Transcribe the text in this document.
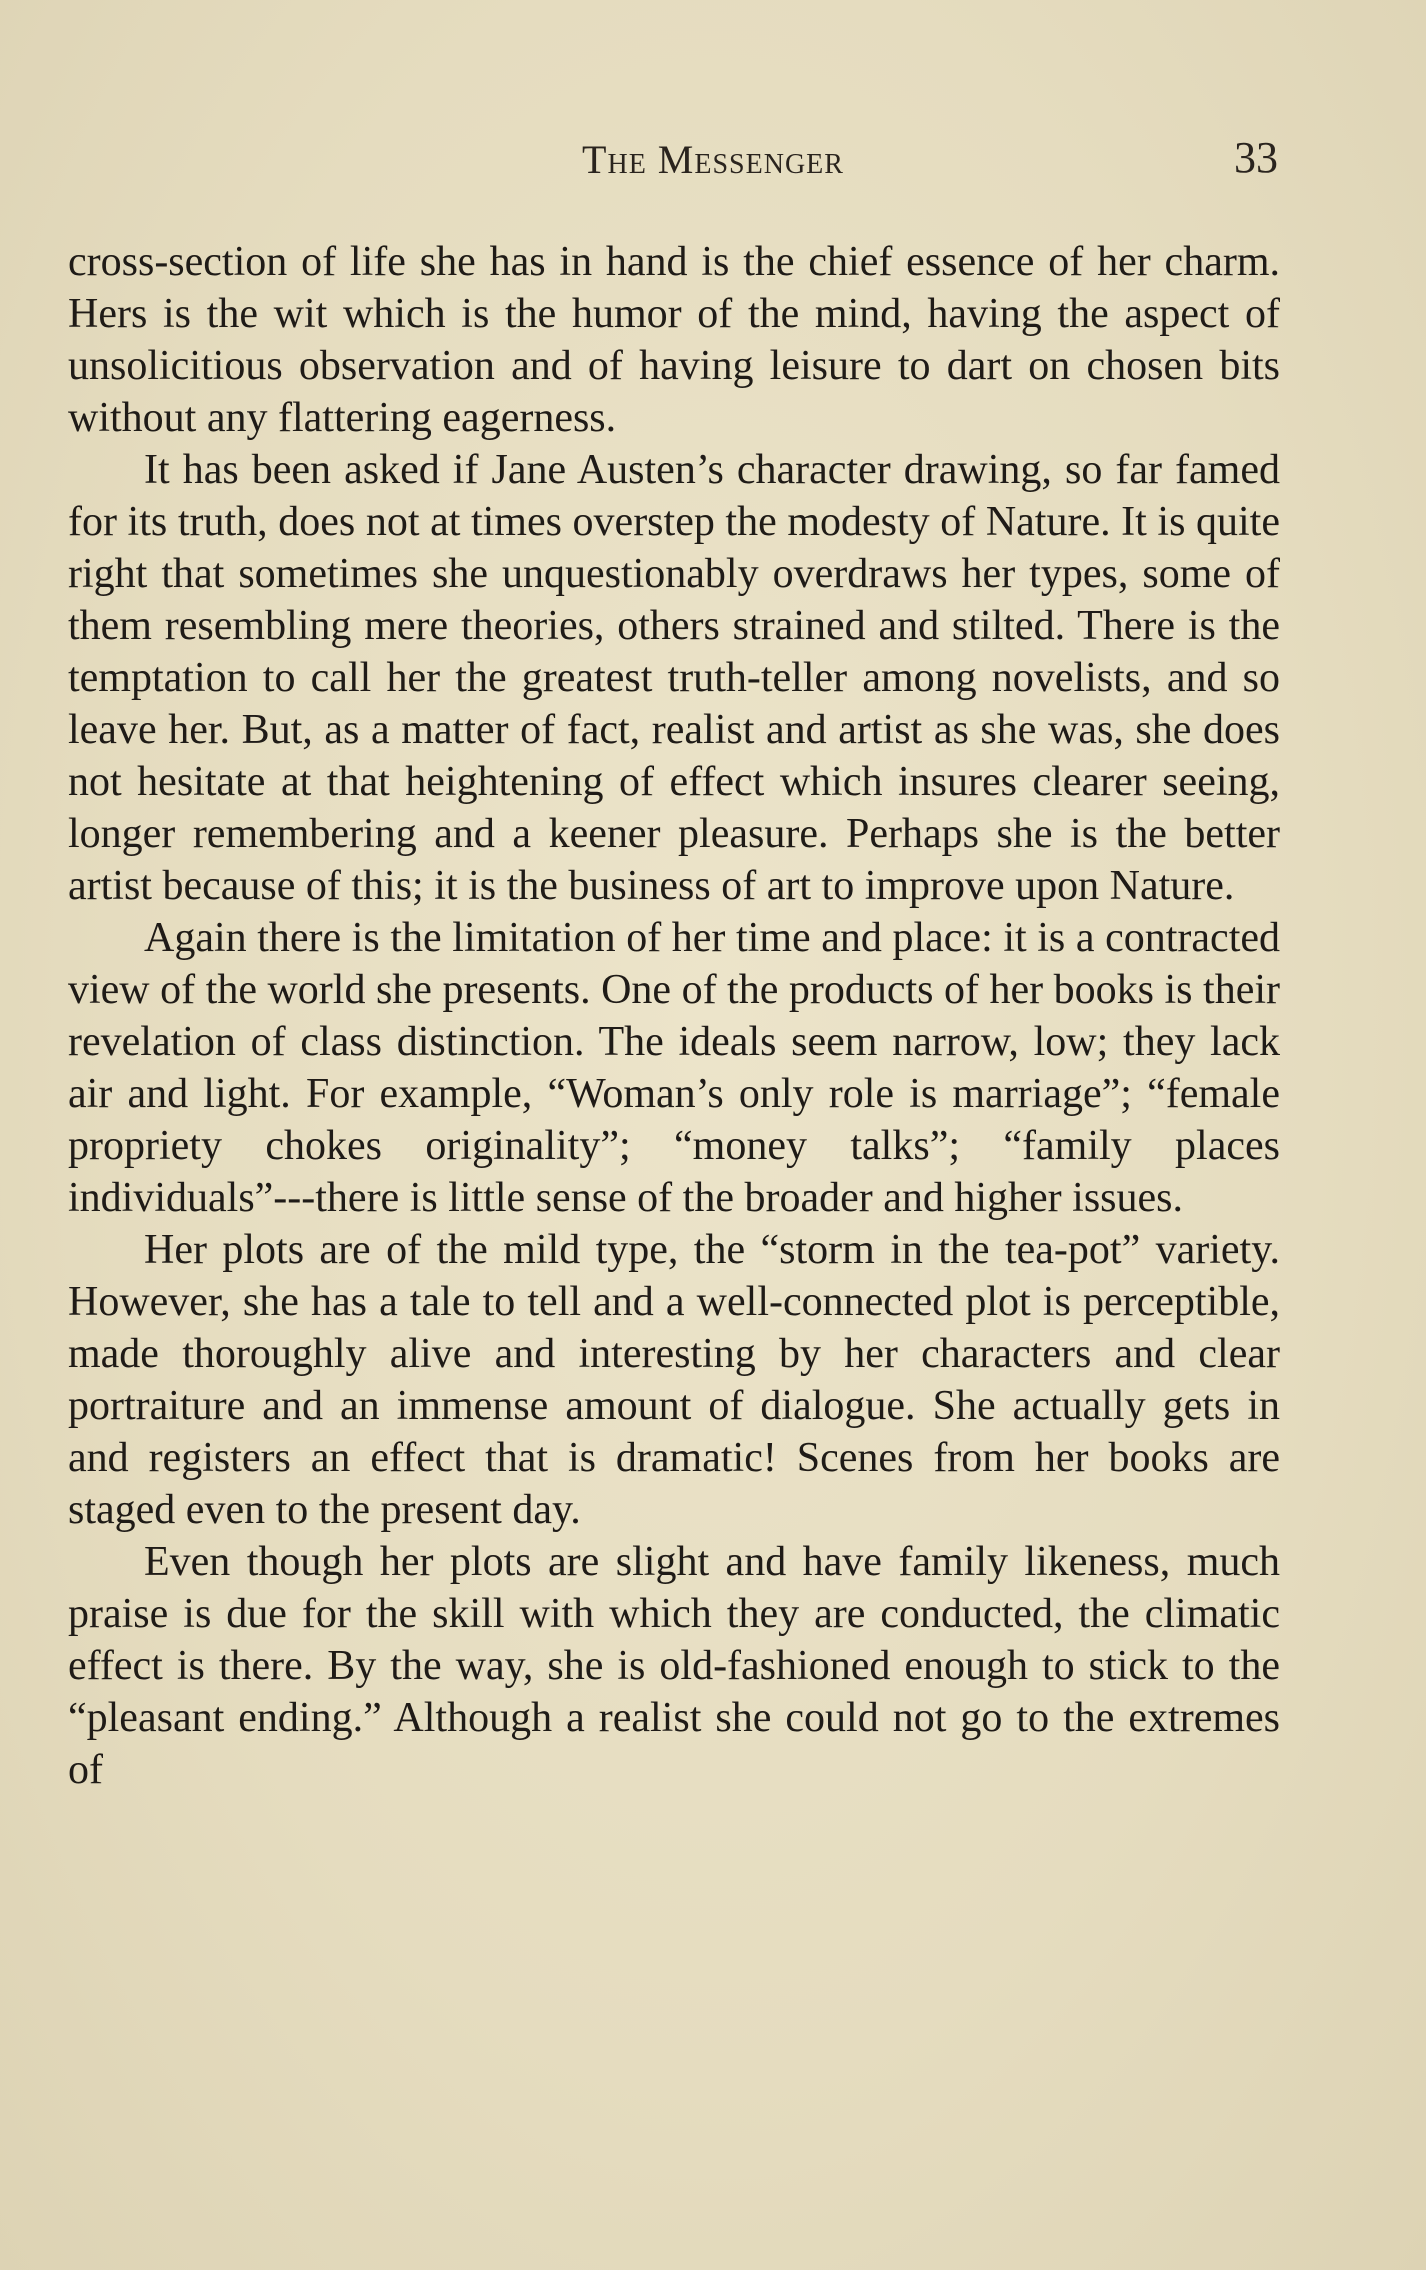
The Messenger	33

cross-section of life she has in hand is the chief essence of her charm. Hers is the wit which is the humor of the mind, having the aspect of unsolicitious observation and of having leisure to dart on chosen bits without any flattering eagerness.

It has been asked if Jane Austen’s character drawing, so far famed for its truth, does not at times overstep the modesty of Nature. It is quite right that sometimes she unquestionably overdraws her types, some of them resembling mere theories, others strained and stilted. There is the temptation to call her the greatest truth-teller among novelists, and so leave her. But, as a matter of fact, realist and artist as she was, she does not hesitate at that heightening of effect which insures clearer seeing, longer remembering and a keener pleasure. Perhaps she is the better artist because of this; it is the business of art to improve upon Nature.

Again there is the limitation of her time and place: it is a contracted view of the world she presents. One of the products of her books is their revelation of class distinction. The ideals seem narrow, low; they lack air and light. For example, “Woman’s only role is marriage”; “female propriety chokes originality”; “money talks”; “family places individuals”---there is little sense of the broader and higher issues.

Her plots are of the mild type, the “storm in the tea-pot” variety. However, she has a tale to tell and a well-connected plot is perceptible, made thoroughly alive and interesting by her characters and clear portraiture and an immense amount of dialogue. She actually gets in and registers an effect that is dramatic! Scenes from her books are staged even to the present day.

Even though her plots are slight and have family likeness, much praise is due for the skill with which they are conducted, the climatic effect is there. By the way, she is old-fashioned enough to stick to the “pleasant ending.” Although a realist she could not go to the extremes of
